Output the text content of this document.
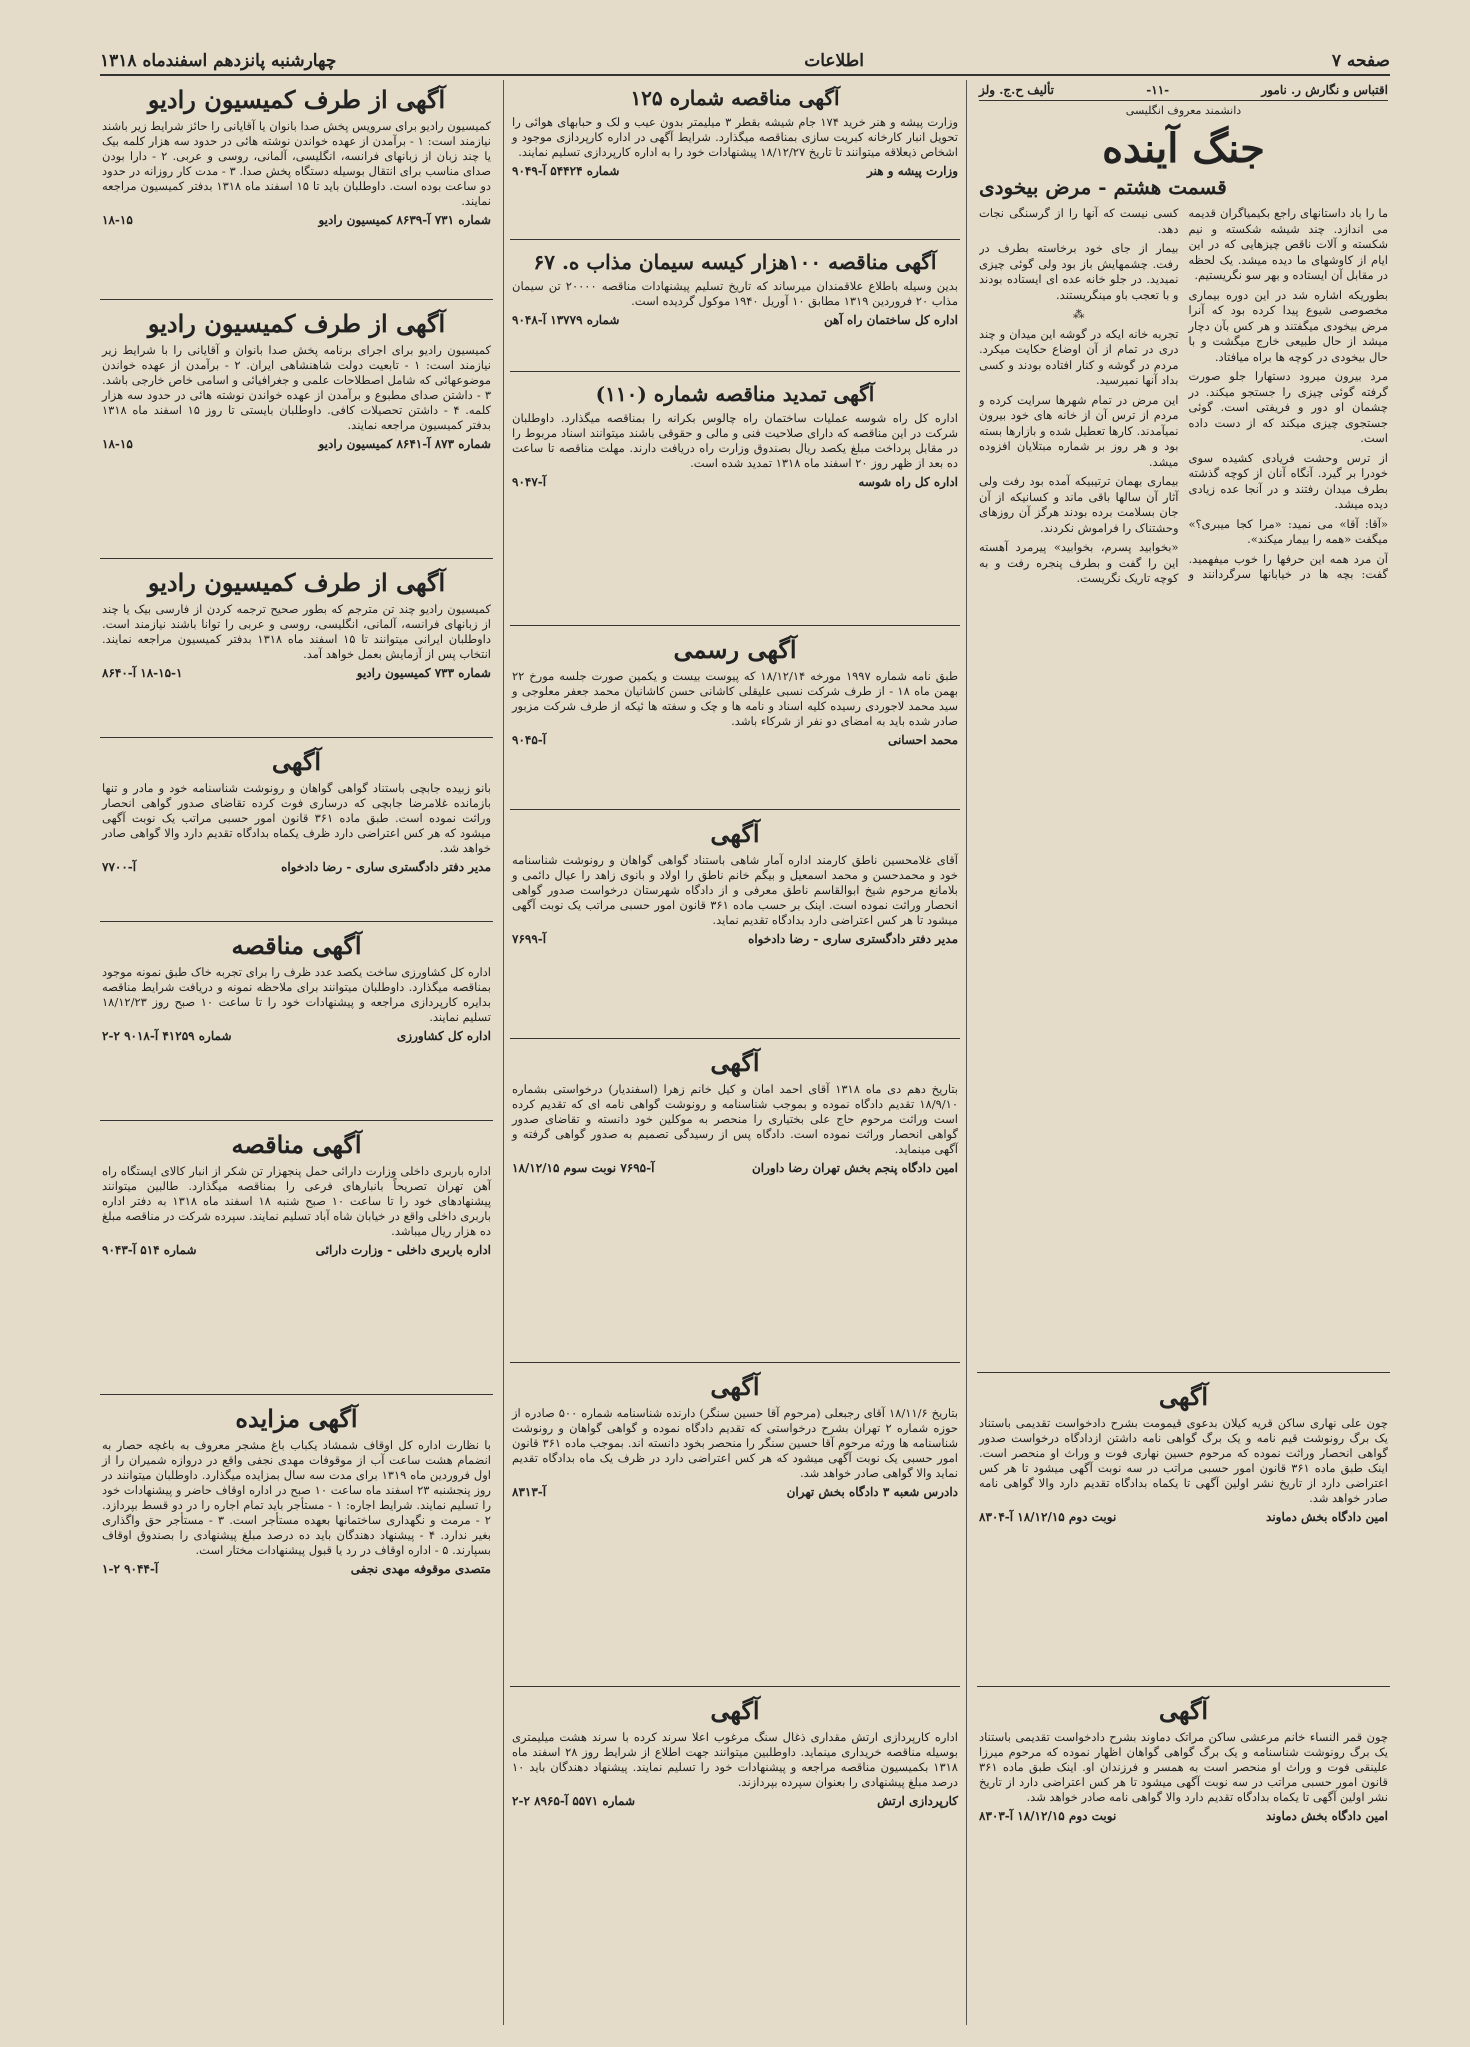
صفحه ۷
اطلاعات
چهارشنبه پانزدهم اسفندماه ۱۳۱۸
اقتباس و نگارش ر. نامور
-۱۱-
تألیف ح.ج. ولز
دانشمند معروف انگلیسی
جنگ آینده
قسمت هشتم - مرض بیخودی

ما را باد داستانهای راجع بکیمیاگران قدیمه می اندازد. چند شیشه شکسته و نیم شکسته و آلات ناقص چیزهایی که در این ایام از کاوشهای ما دیده میشد. یک لحظه در مقابل آن ایستاده و بهر سو نگریستیم.

بطوریکه اشاره شد در این دوره بیماری مخصوصی شیوع پیدا کرده بود که آنرا مرض بیخودی میگفتند و هر کس بآن دچار میشد از حال طبیعی خارج میگشت و با حال بیخودی در کوچه ها براه میافتاد.

مرد بیرون میرود دستهارا جلو صورت گرفته گوئی چیزی را جستجو میکند. در چشمان او دور و فریفتی است. گوئی جستجوی چیزی میکند که از دست داده است.

از ترس وحشت فریادی کشیده سوی خودرا بر گیرد. آنگاه آنان از کوچه گذشته بطرف میدان رفتند و در آنجا عده زیادی دیده میشد.

«آقا: آقا» می نمید: «مرا کجا میبری؟» میگفت «همه را بیمار میکند».

آن مرد همه این حرفها را خوب میفهمید. گفت: بچه ها در خیابانها سرگردانند و کسی نیست که آنها را از گرسنگی نجات دهد.

بیمار از جای خود برخاسته بطرف در رفت. چشمهایش باز بود ولی گوئی چیزی نمیدید. در جلو خانه عده ای ایستاده بودند و با تعجب باو مینگریستند.

⁂

تجربه خانه ایکه در گوشه این میدان و چند دری در تمام از آن اوضاع حکایت میکرد. مردم در گوشه و کنار افتاده بودند و کسی بداد آنها نمیرسید.

این مرض در تمام شهرها سرایت کرده و مردم از ترس آن از خانه های خود بیرون نمیآمدند. کارها تعطیل شده و بازارها بسته بود و هر روز بر شماره مبتلایان افزوده میشد.

بیماری بهمان ترتیبیکه آمده بود رفت ولی آثار آن سالها باقی ماند و کسانیکه از آن جان بسلامت برده بودند هرگز آن روزهای وحشتناک را فراموش نکردند.

«بخوابید پسرم، بخوابید» پیرمرد آهسته این را گفت و بطرف پنجره رفت و به کوچه تاریک نگریست.

آگهی

چون علی نهاری ساکن قریه کیلان بدعوی قیمومت بشرح دادخواست تقدیمی باستناد یک برگ رونوشت قیم نامه و یک برگ گواهی نامه داشتن ازدادگاه درخواست صدور گواهی انحصار وراثت نموده که مرحوم حسین نهاری فوت و وراث او منحصر است. اینک طبق ماده ۳۶۱ قانون امور حسبی مراتب در سه نوبت آگهی میشود تا هر کس اعتراضی دارد از تاریخ نشر اولین آگهی تا یکماه بدادگاه تقدیم دارد والا گواهی نامه صادر خواهد شد.

امین دادگاه بخش دماوند
نوبت دوم ۱۸/۱۲/۱۵ آ-۸۳۰۴
آگهی

چون قمر النساء خانم مرعشی ساکن مراتک دماوند بشرح دادخواست تقدیمی باستناد یک برگ رونوشت شناسنامه و یک برگ گواهی گواهان اظهار نموده که مرحوم میرزا علینقی فوت و وراث او منحصر است به همسر و فرزندان او. اینک طبق ماده ۳۶۱ قانون امور حسبی مراتب در سه نوبت آگهی میشود تا هر کس اعتراضی دارد از تاریخ نشر اولین آگهی تا یکماه بدادگاه تقدیم دارد والا گواهی نامه صادر خواهد شد.

امین دادگاه بخش دماوند
نوبت دوم ۱۸/۱۲/۱۵ آ-۸۳۰۳
آگهی مناقصه شماره ۱۲۵

وزارت پیشه و هنر خرید ۱۷۴ جام شیشه بقطر ۳ میلیمتر بدون عیب و لک و حبابهای هوائی را تحویل انبار کارخانه کبریت سازی بمناقصه میگذارد. شرایط آگهی در اداره کارپردازی موجود و اشخاص ذیعلاقه میتوانند تا تاریخ ۱۸/۱۲/۲۷ پیشنهادات خود را به اداره کارپردازی تسلیم نمایند.

وزارت پیشه و هنر
شماره ۵۴۴۲۴ آ-۹۰۴۹
آگهی مناقصه ۱۰۰هزار کیسه سیمان مذاب ه. ۶۷

بدین وسیله باطلاع علاقمندان میرساند که تاریخ تسلیم پیشنهادات مناقصه ۲۰۰۰۰ تن سیمان مذاب ۲۰ فروردین ۱۳۱۹ مطابق ۱۰ آوریل ۱۹۴۰ موکول گردیده است.

اداره کل ساختمان راه آهن
شماره ۱۳۷۷۹ آ-۹۰۴۸
آگهی تمدید مناقصه شماره (۱۱۰)

اداره کل راه شوسه عملیات ساختمان راه چالوس بکرانه را بمناقصه میگذارد. داوطلبان شرکت در این مناقصه که دارای صلاحیت فنی و مالی و حقوقی باشند میتوانند اسناد مربوط را در مقابل پرداخت مبلغ یکصد ریال بصندوق وزارت راه دریافت دارند. مهلت مناقصه تا ساعت ده بعد از ظهر روز ۲۰ اسفند ماه ۱۳۱۸ تمدید شده است.

اداره کل راه شوسه
آ-۹۰۴۷
آگهی رسمی

طبق نامه شماره ۱۹۹۷ مورخه ۱۸/۱۲/۱۴ که پیوست بیست و یکمین صورت جلسه مورخ ۲۲ بهمن ماه ۱۸ - از طرف شرکت نسبی علیقلی کاشانی حسن کاشانیان محمد جعفر معلوجی و سید محمد لاجوردی رسیده کلیه اسناد و نامه ها و چک و سفته ها ئیکه از طرف شرکت مزبور صادر شده باید به امضای دو نفر از شرکاء باشد.

محمد احسانی
آ-۹۰۴۵
آگهی

آقای غلامحسین ناطق کارمند اداره آمار شاهی باستناد گواهی گواهان و رونوشت شناسنامه خود و محمدحسن و محمد اسمعیل و بیگم خانم ناطق را اولاد و بانوی زاهد را عیال دائمی و بلامانع مرحوم شیخ ابوالقاسم ناطق معرفی و از دادگاه شهرستان درخواست صدور گواهی انحصار وراثت نموده است. اینک بر حسب ماده ۳۶۱ قانون امور حسبی مراتب یک نوبت آگهی میشود تا هر کس اعتراضی دارد بدادگاه تقدیم نماید.

مدیر دفتر دادگستری ساری - رضا دادخواه
آ-۷۶۹۹
آگهی

بتاریخ دهم دی ماه ۱۳۱۸ آقای احمد امان و کیل خانم زهرا (اسفندیار) درخواستی بشماره ۱۸/۹/۱۰ تقدیم دادگاه نموده و بموجب شناسنامه و رونوشت گواهی نامه ای که تقدیم کرده است وراثت مرحوم حاج علی بختیاری را منحصر به موکلین خود دانسته و تقاضای صدور گواهی انحصار وراثت نموده است. دادگاه پس از رسیدگی تصمیم به صدور گواهی گرفته و آگهی مینماید.

امین دادگاه پنجم بخش تهران رضا داوران
آ-۷۶۹۵ نوبت سوم ۱۸/۱۲/۱۵
آگهی

بتاریخ ۱۸/۱۱/۶ آقای رجبعلی (مرحوم آقا حسین سنگر) دارنده شناسنامه شماره ۵۰۰ صادره از حوزه شماره ۲ تهران بشرح درخواستی که تقدیم دادگاه نموده و گواهی گواهان و رونوشت شناسنامه ها ورثه مرحوم آقا حسین سنگر را منحصر بخود دانسته اند. بموجب ماده ۳۶۱ قانون امور حسبی یک نوبت آگهی میشود که هر کس اعتراضی دارد در ظرف یک ماه بدادگاه تقدیم نماید والا گواهی صادر خواهد شد.

دادرس شعبه ۳ دادگاه بخش تهران
آ-۸۳۱۳
آگهی

اداره کارپردازی ارتش مقداری ذغال سنگ مرغوب اعلا سرند کرده با سرند هشت میلیمتری بوسیله مناقصه خریداری مینماید. داوطلبین میتوانند جهت اطلاع از شرایط روز ۲۸ اسفند ماه ۱۳۱۸ بکمیسیون مناقصه مراجعه و پیشنهادات خود را تسلیم نمایند. پیشنهاد دهندگان باید ۱۰ درصد مبلغ پیشنهادی را بعنوان سپرده بپردازند.

کارپردازی ارتش
شماره ۵۵۷۱ آ-۸۹۶۵ ۲-۲
آگهی از طرف کمیسیون رادیو

کمیسیون رادیو برای سرویس پخش صدا بانوان یا آقایانی را حائز شرایط زیر باشند نیازمند است: ۱ - برآمدن از عهده خواندن نوشته هائی در حدود سه هزار کلمه بیک یا چند زبان از زبانهای فرانسه، انگلیسی، آلمانی، روسی و عربی. ۲ - دارا بودن صدای مناسب برای انتقال بوسیله دستگاه پخش صدا. ۳ - مدت کار روزانه در حدود دو ساعت بوده است. داوطلبان باید تا ۱۵ اسفند ماه ۱۳۱۸ بدفتر کمیسیون مراجعه نمایند.

شماره ۷۳۱ آ-۸۶۳۹ کمیسیون رادیو
۱۸-۱۵
آگهی از طرف کمیسیون رادیو

کمیسیون رادیو برای اجرای برنامه پخش صدا بانوان و آقایانی را با شرایط زیر نیازمند است: ۱ - تابعیت دولت شاهنشاهی ایران. ۲ - برآمدن از عهده خواندن موضوعهائی که شامل اصطلاحات علمی و جغرافیائی و اسامی خاص خارجی باشد. ۳ - داشتن صدای مطبوع و برآمدن از عهده خواندن نوشته هائی در حدود سه هزار کلمه. ۴ - داشتن تحصیلات کافی. داوطلبان بایستی تا روز ۱۵ اسفند ماه ۱۳۱۸ بدفتر کمیسیون مراجعه نمایند.

شماره ۸۷۳ آ-۸۶۴۱ کمیسیون رادیو
۱۸-۱۵
آگهی از طرف کمیسیون رادیو

کمیسیون رادیو چند تن مترجم که بطور صحیح ترجمه کردن از فارسی بیک یا چند از زبانهای فرانسه، آلمانی، انگلیسی، روسی و عربی را توانا باشند نیازمند است. داوطلبان ایرانی میتوانند تا ۱۵ اسفند ماه ۱۳۱۸ بدفتر کمیسیون مراجعه نمایند. انتخاب پس از آزمایش بعمل خواهد آمد.

شماره ۷۳۳ کمیسیون رادیو
۱۸-۱۵-۱ آ-۸۶۴۰
آگهی

بانو زبیده جابچی باستناد گواهی گواهان و رونوشت شناسنامه خود و مادر و تنها بازمانده غلامرضا جابچی که درساری فوت کرده تقاضای صدور گواهی انحصار وراثت نموده است. طبق ماده ۳۶۱ قانون امور حسبی مراتب یک نوبت آگهی میشود که هر کس اعتراضی دارد ظرف یکماه بدادگاه تقدیم دارد والا گواهی صادر خواهد شد.

مدیر دفتر دادگستری ساری - رضا دادخواه
آ-۷۷۰۰
آگهی مناقصه

اداره کل کشاورزی ساخت یکصد عدد ظرف را برای تجربه خاک طبق نمونه موجود بمناقصه میگذارد. داوطلبان میتوانند برای ملاحظه نمونه و دریافت شرایط مناقصه بدایره کارپردازی مراجعه و پیشنهادات خود را تا ساعت ۱۰ صبح روز ۱۸/۱۲/۲۳ تسلیم نمایند.

اداره کل کشاورزی
شماره ۴۱۲۵۹ آ-۹۰۱۸ ۲-۲
آگهی مناقصه

اداره باربری داخلی وزارت دارائی حمل پنجهزار تن شکر از انبار کالای ایستگاه راه آهن تهران تصریحاً بانبارهای فرعی را بمناقصه میگذارد. طالبین میتوانند پیشنهادهای خود را تا ساعت ۱۰ صبح شنبه ۱۸ اسفند ماه ۱۳۱۸ به دفتر اداره باربری داخلی واقع در خیابان شاه آباد تسلیم نمایند. سپرده شرکت در مناقصه مبلغ ده هزار ریال میباشد.

اداره باربری داخلی - وزارت دارائی
شماره ۵۱۴ آ-۹۰۴۳
آگهی مزایده

با نظارت اداره کل اوقاف شمشاد یکباب باغ مشجر معروف به باغچه حصار به انضمام هشت ساعت آب از موقوفات مهدی نجفی واقع در دروازه شمیران را از اول فروردین ماه ۱۳۱۹ برای مدت سه سال بمزایده میگذارد. داوطلبان میتوانند در روز پنجشنبه ۲۳ اسفند ماه ساعت ۱۰ صبح در اداره اوقاف حاضر و پیشنهادات خود را تسلیم نمایند. شرایط اجاره: ۱ - مستأجر باید تمام اجاره را در دو قسط بپردازد. ۲ - مرمت و نگهداری ساختمانها بعهده مستأجر است. ۳ - مستأجر حق واگذاری بغیر ندارد. ۴ - پیشنهاد دهندگان باید ده درصد مبلغ پیشنهادی را بصندوق اوقاف بسپارند. ۵ - اداره اوقاف در رد یا قبول پیشنهادات مختار است.

متصدی موقوفه مهدی نجفی
آ-۹۰۴۴ ۲-۱
